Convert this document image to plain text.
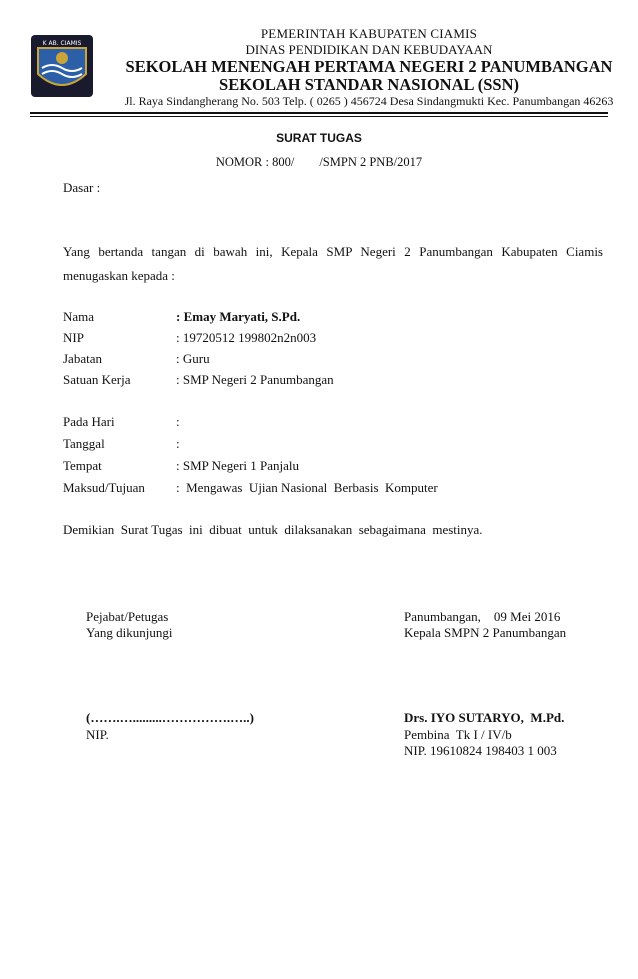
K AB. CIAMIS
PEMERINTAH KABUPATEN CIAMIS
DINAS PENDIDIKAN DAN KEBUDAYAAN
SEKOLAH MENENGAH PERTAMA NEGERI 2 PANUMBANGAN
SEKOLAH STANDAR NASIONAL (SSN)
Jl. Raya Sindangherang No. 503 Telp. ( 0265 ) 456724 Desa Sindangmukti Kec. Panumbangan 46263
SURAT TUGAS
NOMOR : 800/        /SMPN 2 PNB/2017
Dasar :
Yang bertanda tangan di bawah ini, Kepala SMP Negeri 2 Panumbangan Kabupaten Ciamis menugaskan kepada :
Nama	: Emay Maryati, S.Pd.
NIP	: 19720512 199802n2n003
Jabatan	: Guru
Satuan Kerja	: SMP Negeri 2 Panumbangan
Pada Hari	:
Tanggal	:
Tempat	: SMP Negeri 1 Panjalu
Maksud/Tujuan :  Mengawas  Ujian Nasional  Berbasis  Komputer
Demikian  Surat Tugas  ini  dibuat  untuk  dilaksanakan  sebagaimana  mestinya.
Pejabat/Petugas
Yang dikunjungi
(…….….........…………….…..)
NIP.
Panumbangan,    09 Mei 2016
Kepala SMPN 2 Panumbangan
Drs. IYO SUTARYO,  M.Pd.
Pembina  Tk I / IV/b
NIP. 19610824 198403 1 003
